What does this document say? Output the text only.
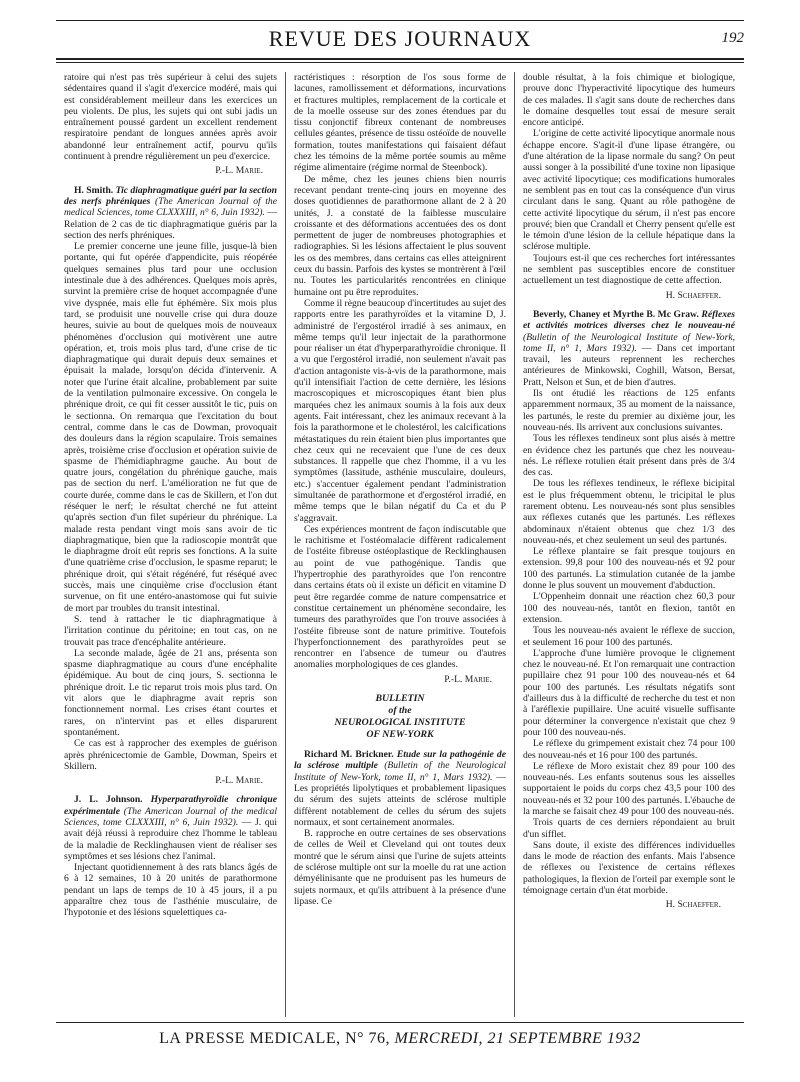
REVUE DES JOURNAUX	192

ratoire qui n'est pas très supérieur à celui des sujets sédentaires quand il s'agit d'exercice modéré, mais qui est considérablement meilleur dans les exercices un peu violents. De plus, les sujets qui ont subi jadis un entraînement poussé gardent un excellent rendement respiratoire pendant de longues années après avoir abandonné leur entraînement actif, pourvu qu'ils continuent à prendre régulièrement un peu d'exercice.

P.-L. Marie.

H. Smith. Tic diaphragmatique guéri par la section des nerfs phréniques (The American Journal of the medical Sciences, tome CLXXXIII, n° 6, Juin 1932). — Relation de 2 cas de tic diaphragmatique guéris par la section des nerfs phréniques.

Le premier concerne une jeune fille, jusque-là bien portante, qui fut opérée d'appendicite, puis réopérée quelques semaines plus tard pour une occlusion intestinale due à des adhérences. Quelques mois après, survint la première crise de hoquet accompagnée d'une vive dyspnée, mais elle fut éphémère. Six mois plus tard, se produisit une nouvelle crise qui dura douze heures, suivie au bout de quelques mois de nouveaux phénomènes d'occlusion qui motivèrent une autre opération, et, trois mois plus tard, d'une crise de tic diaphragmatique qui durait depuis deux semaines et épuisait la malade, lorsqu'on décida d'intervenir. A noter que l'urine était alcaline, probablement par suite de la ventilation pulmonaire excessive. On congela le phrénique droit, ce qui fit cesser aussitôt le tic, puis on le sectionna. On remarqua que l'excitation du bout central, comme dans le cas de Dowman, provoquait des douleurs dans la région scapulaire. Trois semaines après, troisième crise d'occlusion et opération suivie de spasme de l'hémidiaphragme gauche. Au bout de quatre jours, congélation du phrénique gauche, mais pas de section du nerf. L'amélioration ne fut que de courte durée, comme dans le cas de Skillern, et l'on dut réséquer le nerf; le résultat cherché ne fut atteint qu'après section d'un filet supérieur du phrénique. La malade resta pendant vingt mois sans avoir de tic diaphragmatique, bien que la radioscopie montrât que le diaphragme droit eût repris ses fonctions. A la suite d'une quatrième crise d'occlusion, le spasme reparut; le phrénique droit, qui s'était régénéré, fut réséqué avec succès, mais une cinquième crise d'occlusion étant survenue, on fit une entéro-anastomose qui fut suivie de mort par troubles du transit intestinal.

S. tend à rattacher le tic diaphragmatique à l'irritation continue du péritoine; en tout cas, on ne trouvait pas trace d'encéphalite antérieure.

La seconde malade, âgée de 21 ans, présenta son spasme diaphragmatique au cours d'une encéphalite épidémique. Au bout de cinq jours, S. sectionna le phrénique droit. Le tic reparut trois mois plus tard. On vit alors que le diaphragme avait repris son fonctionnement normal. Les crises étant courtes et rares, on n'intervint pas et elles disparurent spontanément.

Ce cas est à rapprocher des exemples de guérison après phrénicectomie de Gamble, Dowman, Speirs et Skillern.

P.-L. Marie.

J. L. Johnson. Hyperparathyroïdie chronique expérimentale (The American Journal of the medical Sciences, tome CLXXXIII, n° 6, Juin 1932). — J. qui avait déjà réussi à reproduire chez l'homme le tableau de la maladie de Recklinghausen vient de réaliser ses symptômes et ses lésions chez l'animal.

Injectant quotidiennement à des rats blancs âgés de 6 à 12 semaines, 10 à 20 unités de parathormone pendant un laps de temps de 10 à 45 jours, il a pu apparaître chez tous de l'asthénie musculaire, de l'hypotonie et des lésions squelettiques ca-

ractéristiques : résorption de l'os sous forme de lacunes, ramollissement et déformations, incurvations et fractures multiples, remplacement de la corticale et de la moelle osseuse sur des zones étendues par du tissu conjonctif fibreux contenant de nombreuses cellules géantes, présence de tissu ostéoïde de nouvelle formation, toutes manifestations qui faisaient défaut chez les témoins de la même portée soumis au même régime alimentaire (régime normal de Steenbock).

De même, chez les jeunes chiens bien nourris recevant pendant trente-cinq jours en moyenne des doses quotidiennes de parathormone allant de 2 à 20 unités, J. a constaté de la faiblesse musculaire croissante et des déformations accentuées des os dont permettent de juger de nombreuses photographies et radiographies. Si les lésions affectaient le plus souvent les os des membres, dans certains cas elles atteignirent ceux du bassin. Parfois des kystes se montrèrent à l'œil nu. Toutes les particularités rencontrées en clinique humaine ont pu être reproduites.

Comme il règne beaucoup d'incertitudes au sujet des rapports entre les parathyroïdes et la vitamine D, J. administré de l'ergostérol irradié à ses animaux, en même temps qu'il leur injectait de la parathormone pour réaliser un état d'hyperparathyroïdie chronique. Il a vu que l'ergostérol irradié, non seulement n'avait pas d'action antagoniste vis-à-vis de la parathormone, mais qu'il intensifiait l'action de cette dernière, les lésions macroscopiques et microscopiques étant bien plus marquées chez les animaux soumis à la fois aux deux agents. Fait intéressant, chez les animaux recevant à la fois la parathormone et le cholestérol, les calcifications métastatiques du rein étaient bien plus importantes que chez ceux qui ne recevaient que l'une de ces deux substances. Il rappelle que chez l'homme, il a vu les symptômes (lassitude, asthénie musculaire, douleurs, etc.) s'accentuer également pendant l'administration simultanée de parathormone et d'ergostérol irradié, en même temps que le bilan négatif du Ca et du P s'aggravait.

Ces expériences montrent de façon indiscutable que le rachitisme et l'ostéomalacie diffèrent radicalement de l'ostéite fibreuse ostéoplastique de Recklinghausen au point de vue pathogénique. Tandis que l'hypertrophie des parathyroïdes que l'on rencontre dans certains états où il existe un déficit en vitamine D peut être regardée comme de nature compensatrice et constitue certainement un phénomène secondaire, les tumeurs des parathyroïdes que l'on trouve associées à l'ostéite fibreuse sont de nature primitive. Toutefois l'hyperfonctionnement des parathyroïdes peut se rencontrer en l'absence de tumeur ou d'autres anomalies morphologiques de ces glandes.

P.-L. Marie.

BULLETIN
of the
NEUROLOGICAL INSTITUTE
OF NEW-YORK

Richard M. Brickner. Etude sur la pathogénie de la sclérose multiple (Bulletin of the Neurological Institute of New-York, tome II, n° 1, Mars 1932). — Les propriétés lipolytiques et probablement lipasiques du sérum des sujets atteints de sclérose multiple diffèrent notablement de celles du sérum des sujets normaux, et sont certainement anormales.

B. rapproche en outre certaines de ses observations de celles de Weil et Cleveland qui ont toutes deux montré que le sérum ainsi que l'urine de sujets atteints de sclérose multiple ont sur la moelle du rat une action démyélinisante que ne produisent pas les humeurs de sujets normaux, et qu'ils attribuent à la présence d'une lipase. Ce

double résultat, à la fois chimique et biologique, prouve donc l'hyperactivité lipocytique des humeurs de ces malades. Il s'agit sans doute de recherches dans le domaine desquelles tout essai de mesure serait encore anticipé.

L'origine de cette activité lipocytique anormale nous échappe encore. S'agit-il d'une lipase étrangère, ou d'une altération de la lipase normale du sang? On peut aussi songer à la possibilité d'une toxine non lipasique avec activité lipocytique; ces modifications humorales ne semblent pas en tout cas la conséquence d'un virus circulant dans le sang. Quant au rôle pathogène de cette activité lipocytique du sérum, il n'est pas encore prouvé; bien que Crandall et Cherry pensent qu'elle est le témoin d'une lésion de la cellule hépatique dans la sclérose multiple.

Toujours est-il que ces recherches fort intéressantes ne semblent pas susceptibles encore de constituer actuellement un test diagnostique de cette affection.

H. Schaeffer.

Beverly, Chaney et Myrthe B. Mc Graw. Réflexes et activités motrices diverses chez le nouveau-né (Bulletin of the Neurological Institute of New-York, tome II, n° 1, Mars 1932). — Dans cet important travail, les auteurs reprennent les recherches antérieures de Minkowski, Coghill, Watson, Bersat, Pratt, Nelson et Sun, et de bien d'autres.

Ils ont étudié les réactions de 125 enfants apparemment normaux, 35 au moment de la naissance, les partunés, le reste du premier au dixième jour, les nouveau-nés. Ils arrivent aux conclusions suivantes.

Tous les réflexes tendineux sont plus aisés à mettre en évidence chez les partunés que chez les nouveau-nés. Le réflexe rotulien était présent dans près de 3/4 des cas.

De tous les réflexes tendineux, le réflexe bicipital est le plus fréquemment obtenu, le tricipital le plus rarement obtenu. Les nouveau-nés sont plus sensibles aux réflexes cutanés que les partunés. Les réflexes abdominaux n'étaient obtenus que chez 1/3 des nouveau-nés, et chez seulement un seul des partunés.

Le réflexe plantaire se fait presque toujours en extension. 99,8 pour 100 des nouveau-nés et 92 pour 100 des partunés. La stimulation cutanée de la jambe donne le plus souvent un mouvement d'abduction.

L'Oppenheim donnait une réaction chez 60,3 pour 100 des nouveau-nés, tantôt en flexion, tantôt en extension.

Tous les nouveau-nés avaient le réflexe de succion, et seulement 16 pour 100 des partunés.

L'approche d'une lumière provoque le clignement chez le nouveau-né. Et l'on remarquait une contraction pupillaire chez 91 pour 100 des nouveau-nés et 64 pour 100 des partunés. Les résultats négatifs sont d'ailleurs dus à la difficulté de recherche du test et non à l'aréflexie pupillaire. Une acuité visuelle suffisante pour déterminer la convergence n'existait que chez 9 pour 100 des nouveau-nés.

Le réflexe du grimpement existait chez 74 pour 100 des nouveau-nés et 16 pour 100 des partunés.

Le réflexe de Moro existait chez 89 pour 100 des nouveau-nés. Les enfants soutenus sous les aisselles supportaient le poids du corps chez 43,5 pour 100 des nouveau-nés et 32 pour 100 des partunés. L'ébauche de la marche se faisait chez 49 pour 100 des nouveau-nés.

Trois quarts de ces derniers répondaient au bruit d'un sifflet.

Sans doute, il existe des différences individuelles dans le mode de réaction des enfants. Mais l'absence de réflexes ou l'existence de certains réflexes pathologiques, la flexion de l'orteil par exemple sont le témoignage certain d'un état morbide.

H. Schaeffer.

LA PRESSE MEDICALE, N° 76, MERCREDI, 21 SEPTEMBRE 1932
